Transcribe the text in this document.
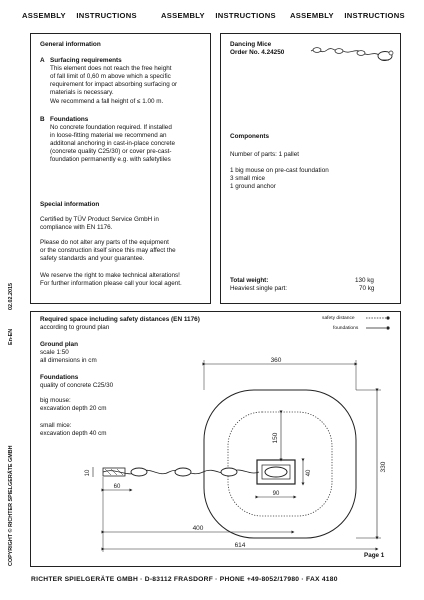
ASSEMBLY INSTRUCTIONS	ASSEMBLY INSTRUCTIONS ASSEMBLY INSTRUCTIONS
02.02.2015
En-EN
COPYRIGHT © RICHTER SPIELGERÄTE GMBH
General information
A Surfacing requirements
This element does not reach the free height
of fall limit of 0,60 m above which a specific
requirement for impact absorbing surfacing or
materials is necessary.
We recommend a fall height of ≤ 1.00 m.
B Foundations
No concrete foundation required. If installed
in loose-fitting material we recommend an
additonal anchoring in cast-in-place concrete
(concrete quality C25/30) or cover pre-cast-
foundation permanently e.g. with safetytiles
Special information
Certified by TÜV Product Service GmbH in
compliance with EN 1176.
Please do not alter any parts of the equipment
or the construction itself since this may affect the
safety standards and your guarantee.
We reserve the right to make technical alterations!
For further information please call your local agent.
Dancing Mice
Order No. 4.24250
Components
Number of parts: 1 pallet
1 big mouse on pre-cast foundation
3 small mice
1 ground anchor
Total weight:	130 kg
Heaviest single part:	70 kg
Required space including safety distances (EN 1176)
according to ground plan
safety distance
foundations
Ground plan
scale 1:50
all dimensions in cm
Foundations
quality of concrete C25/30
big mouse:
excavation depth 20 cm
small mice:
excavation depth 40 cm
Page 1
360
150
330
40
90
10
60
400
614
RICHTER SPIELGERÄTE GMBH · D-83112 FRASDORF · PHONE +49-8052/17980 · FAX 4180
